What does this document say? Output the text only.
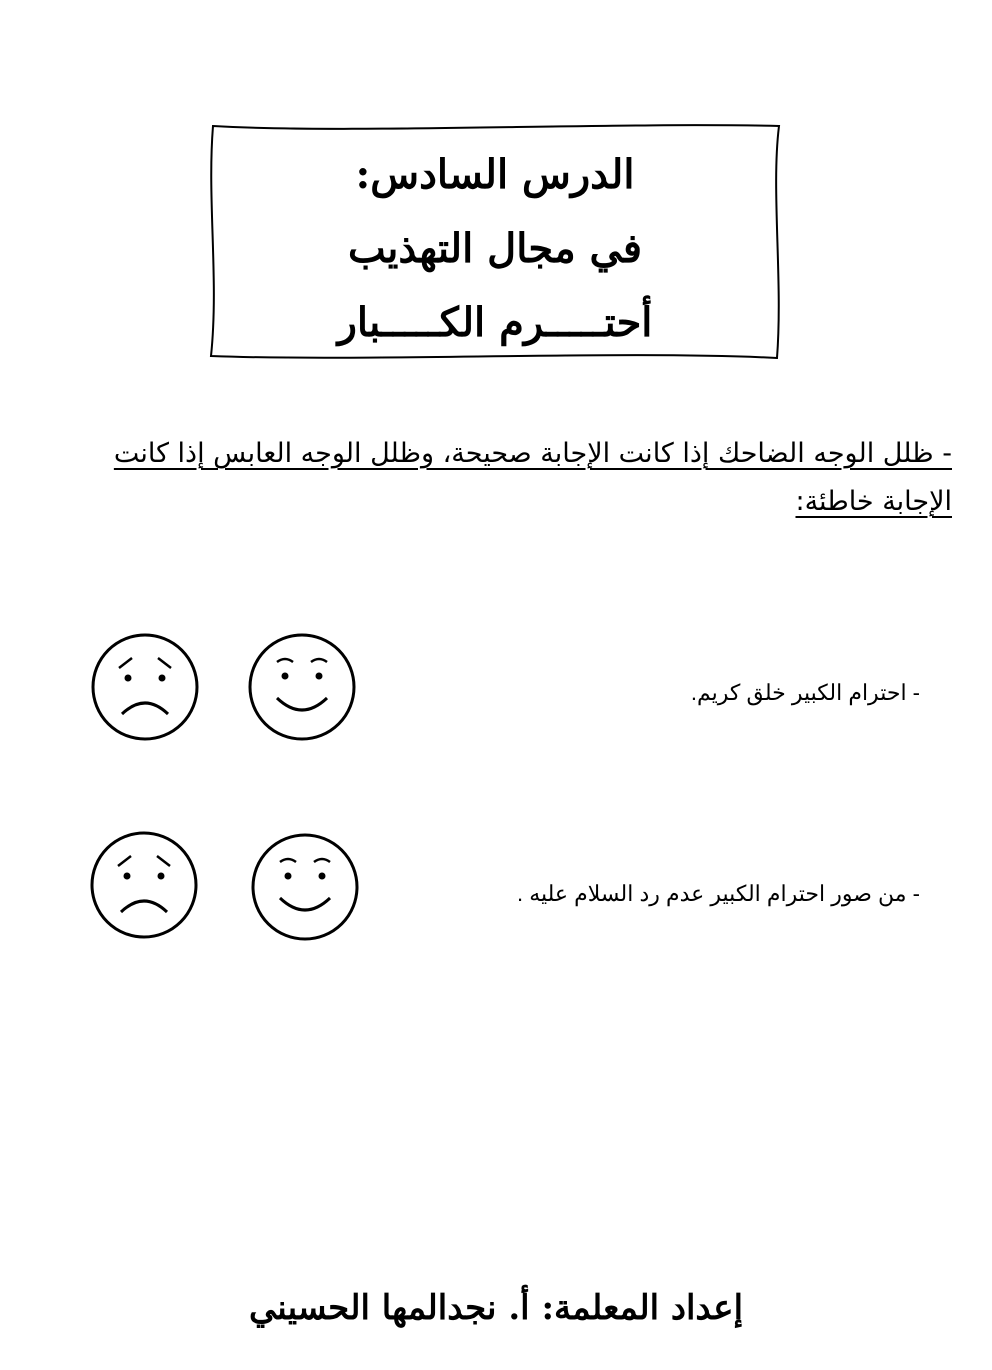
الدرس السادس:
في مجال التهذيب
أحتـــــرم الكـــــبار
- ظلل الوجه الضاحك إذا كانت الإجابة صحيحة، وظلل الوجه العابس إذا كانت الإجابة خاطئة:
- احترام الكبير خلق كريم.
- من صور احترام الكبير عدم رد السلام عليه .
إعداد المعلمة: أ. نجدالمها الحسيني
